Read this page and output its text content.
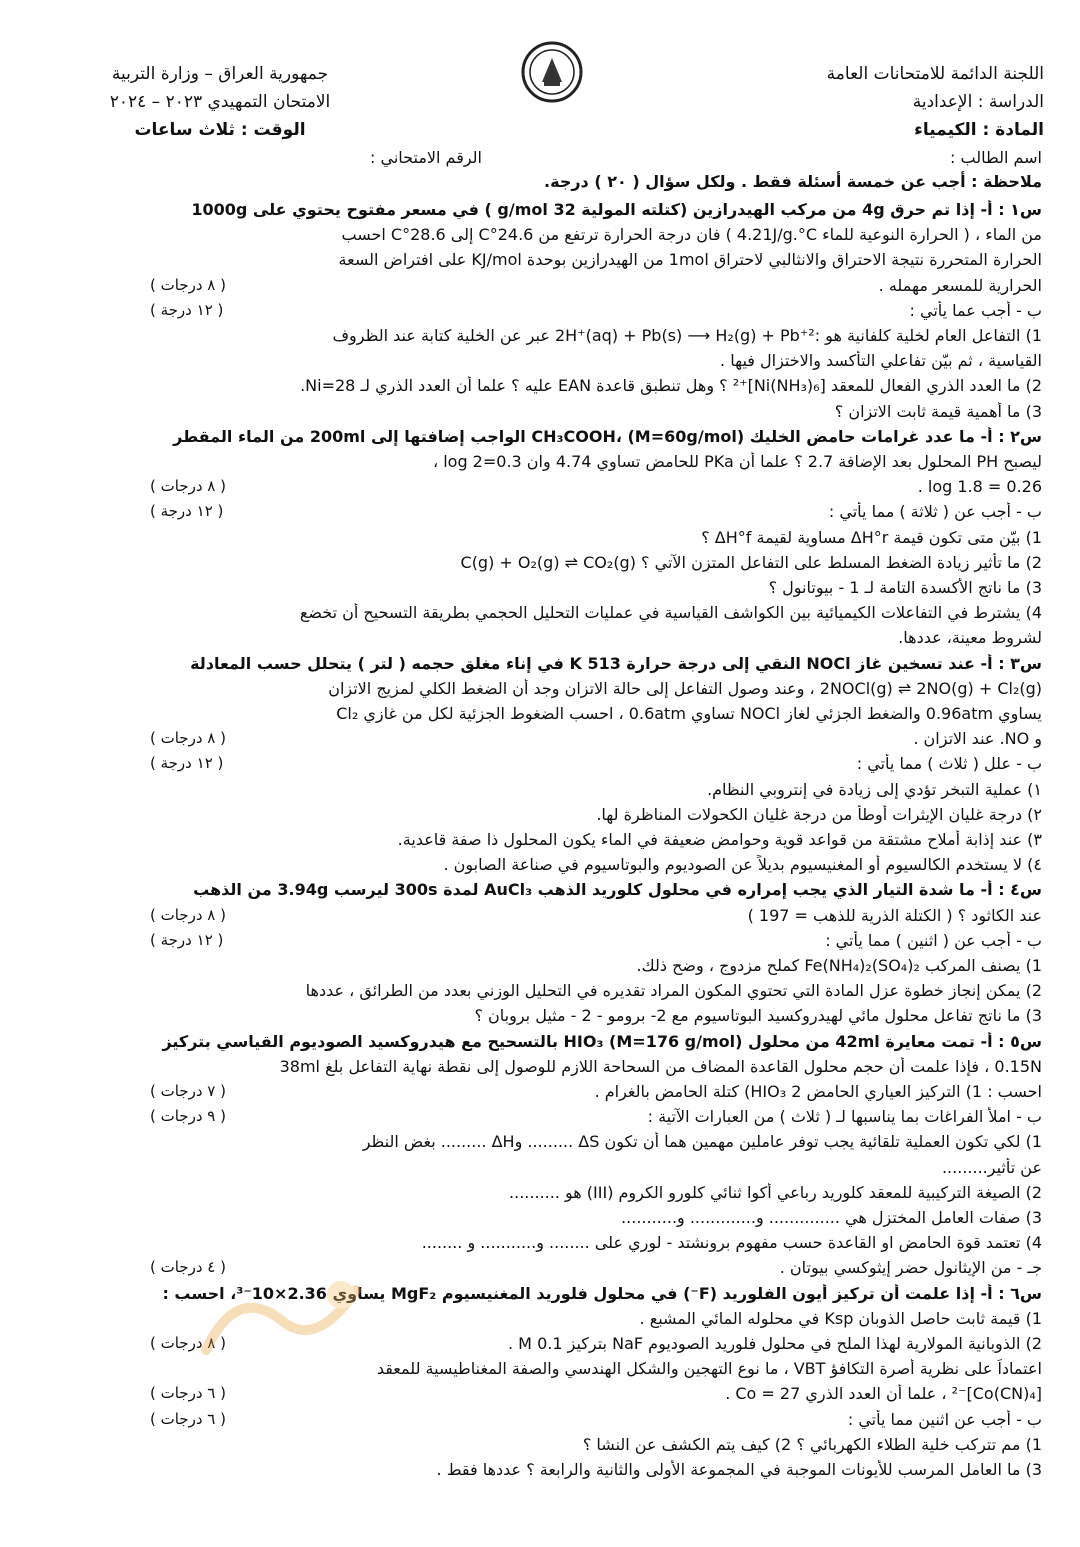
اللجنة الدائمة للامتحانات العامة
الدراسة : الإعدادية
المادة : الكيمياء
جمهورية العراق – وزارة التربية
الامتحان التمهيدي ٢٠٢٣ – ٢٠٢٤
الوقت : ثلاث ساعات
اسم الطالب :
الرقم الامتحاني :
ملاحظة : أجب عن خمسة أسئلة فقط . ولكل سؤال ( ٢٠ ) درجة.
س١ : أ- إذا تم حرق 4g من مركب الهيدرازين (كتلته المولية 32 g/mol ) في مسعر مفتوح يحتوي على 1000g
من الماء ، ( الحرارة النوعية للماء 4.21J/g.°C ) فان درجة الحرارة ترتفع من 24.6°C إلى 28.6°C احسب
الحرارة المتحررة نتيجة الاحتراق والانثالبي لاحتراق 1mol من الهيدرازين بوحدة KJ/mol على افتراض السعة
الحرارية للمسعر مهمله .
( ٨ درجات )
ب - أجب عما يأتي :
( ١٢ درجة )
1) التفاعل العام لخلية كلفانية هو :2H⁺(aq) + Pb(s) ⟶ H₂(g) + Pb⁺² عبر عن الخلية كتابة عند الظروف
القياسية ، ثم بيّن تفاعلي التأكسد والاختزال فيها .
2) ما العدد الذري الفعال للمعقد [Ni(NH₃)₆]⁺² ؟ وهل تنطبق قاعدة EAN عليه ؟ علما أن العدد الذري لـ Ni=28.
3) ما أهمية قيمة ثابت الاتزان ؟
س٢ : أ- ما عدد غرامات حامض الخليك CH₃COOH، (M=60g/mol) الواجب إضافتها إلى 200ml من الماء المقطر
ليصبح PH المحلول بعد الإضافة 2.7 ؟ علما أن PKa للحامض تساوي 4.74 وان log 2=0.3 ،
log 1.8 = 0.26 .
( ٨ درجات )
ب - أجب عن ( ثلاثة ) مما يأتي :
( ١٢ درجة )
1) بيّن متى تكون قيمة ΔH°r مساوية لقيمة ΔH°f ؟
2) ما تأثير زيادة الضغط المسلط على التفاعل المتزن الآتي ؟ C(g) + O₂(g) ⇌ CO₂(g)
3) ما ناتج الأكسدة التامة لـ 1 - بيوتانول ؟
4) يشترط في التفاعلات الكيميائية بين الكواشف القياسية في عمليات التحليل الحجمي بطريقة التسحيح أن تخضع
لشروط معينة، عددها.
س٣ : أ- عند تسخين غاز NOCl النقي إلى درجة حرارة 513 K في إناء مغلق حجمه ( لتر ) يتحلل حسب المعادلة
2NOCl(g) ⇌ 2NO(g) + Cl₂(g) ، وعند وصول التفاعل إلى حالة الاتزان وجد أن الضغط الكلي لمزيج الاتزان
يساوي 0.96atm والضغط الجزئي لغاز NOCl تساوي 0.6atm ، احسب الضغوط الجزئية لكل من غازي Cl₂
و NO. عند الاتزان .
( ٨ درجات )
ب - علل ( ثلاث ) مما يأتي :
( ١٢ درجة )
١) عملية التبخر تؤدي إلى زيادة في إنتروبي النظام.
٢) درجة غليان الإيثرات أوطأ من درجة غليان الكحولات المناظرة لها.
٣) عند إذابة أملاح مشتقة من قواعد قوية وحوامض ضعيفة في الماء يكون المحلول ذا صفة قاعدية.
٤) لا يستخدم الكالسيوم أو المغنيسيوم بديلاً عن الصوديوم والبوتاسيوم في صناعة الصابون .
س٤ : أ- ما شدة التيار الذي يجب إمراره في محلول كلوريد الذهب AuCl₃ لمدة 300s ليرسب 3.94g من الذهب
عند الكاثود ؟ ( الكتلة الذرية للذهب = 197 )
( ٨ درجات )
ب - أجب عن ( اثنين ) مما يأتي :
( ١٢ درجة )
1) يصنف المركب Fe(NH₄)₂(SO₄)₂ كملح مزدوج ، وضح ذلك.
2) يمكن إنجاز خطوة عزل المادة التي تحتوي المكون المراد تقديره في التحليل الوزني بعدد من الطرائق ، عددها
3) ما ناتج تفاعل محلول مائي لهيدروكسيد البوتاسيوم مع 2- برومو - 2 - مثيل بروبان ؟
س٥ : أ- تمت معايرة 42ml من محلول HIO₃ (M=176 g/mol) بالتسحيح مع هيدروكسيد الصوديوم القياسي بتركيز
0.15N ، فإذا علمت أن حجم محلول القاعدة المضاف من السحاحة اللازم للوصول إلى نقطة نهاية التفاعل بلغ 38ml
احسب : 1) التركيز العياري الحامض HIO₃ 2) كتلة الحامض بالغرام .
( ٧ درجات )
ب - املأ الفراغات بما يناسبها لـ ( ثلاث ) من العبارات الآتية :
( ٩ درجات )
1) لكي تكون العملية تلقائية يجب توفر عاملين مهمين هما أن تكون ΔS ......... وΔH ......... بغض النظر
عن تأثير.........
2) الصيغة التركيبية للمعقد كلوريد رباعي أكوا ثنائي كلورو الكروم (III) هو ..........
3) صفات العامل المختزل هي .............. و............. و...........
4) تعتمد قوة الحامض او القاعدة حسب مفهوم برونشتد - لوري على ........ و........... و ........
جـ - من الإيثانول حضر إيثوكسي بيوتان .
( ٤ درجات )
س٦ : أ- إذا علمت أن تركيز أيون الفلوريد (F⁻) في محلول فلوريد المغنيسيوم MgF₂ يساوي 2.36×10⁻³، احسب :
1) قيمة ثابت حاصل الذوبان Ksp في محلوله المائي المشبع .
2) الذوبانية المولارية لهذا الملح في محلول فلوريد الصوديوم NaF بتركيز 0.1 M .
( ٨ درجات )
اعتماداً على نظرية أصرة التكافؤ VBT ، ما نوع التهجين والشكل الهندسي والصفة المغناطيسية للمعقد
[Co(CN)₄]⁻² ، علما أن العدد الذري Co = 27 .
( ٦ درجات )
ب - أجب عن اثنين مما يأتي :
( ٦ درجات )
1) مم تتركب خلية الطلاء الكهربائي ؟ 2) كيف يتم الكشف عن النشا ؟
3) ما العامل المرسب للأيونات الموجبة في المجموعة الأولى والثانية والرابعة ؟ عددها فقط .
